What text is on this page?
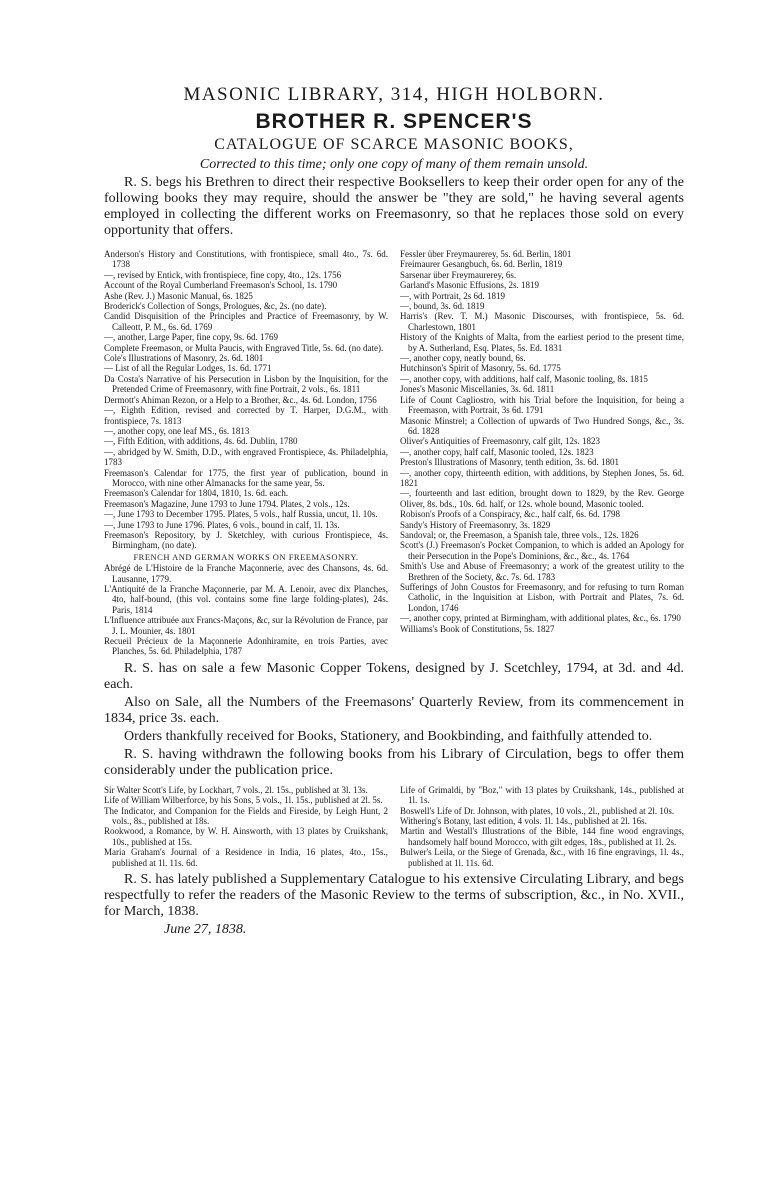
MASONIC LIBRARY, 314, HIGH HOLBORN.
BROTHER R. SPENCER'S
CATALOGUE OF SCARCE MASONIC BOOKS,
Corrected to this time; only one copy of many of them remain unsold.

R. S. begs his Brethren to direct their respective Booksellers to keep their order open for any of the following books they may require, should the answer be "they are sold," he having several agents employed in collecting the different works on Freemasonry, so that he replaces those sold on every opportunity that offers.

Anderson's History and Constitutions, with frontispiece, small 4to., 7s. 6d. 1738

—, revised by Entick, with frontispiece, fine copy, 4to., 12s. 1756

Account of the Royal Cumberland Freemason's School, 1s. 1790

Ashe (Rev. J.) Masonic Manual, 6s. 1825

Broderick's Collection of Songs, Prologues, &c, 2s. (no date).

Candid Disquisition of the Principles and Practice of Freemasonry, by W. Calleott, P. M., 6s. 6d. 1769

—, another, Large Paper, fine copy, 9s. 6d. 1769

Complete Freemason, or Multa Paucis, with Engraved Title, 5s. 6d. (no date).

Cole's Illustrations of Masonry, 2s. 6d. 1801

— List of all the Regular Lodges, 1s. 6d. 1771

Da Costa's Narrative of his Persecution in Lisbon by the Inquisition, for the Pretended Crime of Freemasonry, with fine Portrait, 2 vols., 6s. 1811

Dermott's Ahiman Rezon, or a Help to a Brother, &c., 4s. 6d. London, 1756

—, Eighth Edition, revised and corrected by T. Harper, D.G.M., with frontispiece, 7s. 1813

—, another copy, one leaf MS., 6s. 1813

—, Fifth Edition, with additions, 4s. 6d. Dublin, 1780

—, abridged by W. Smith, D.D., with engraved Frontispiece, 4s. Philadelphia, 1783

Freemason's Calendar for 1775, the first year of publication, bound in Morocco, with nine other Almanacks for the same year, 5s.

Freemason's Calendar for 1804, 1810, 1s. 6d. each.

Freemason's Magazine, June 1793 to June 1794. Plates, 2 vols., 12s.

—, June 1793 to December 1795. Plates, 5 vols., half Russia, uncut, 1l. 10s.

—, June 1793 to June 1796. Plates, 6 vols., bound in calf, 1l. 13s.

Freemason's Repository, by J. Sketchley, with curious Frontispiece, 4s. Birmingham, (no date).

FRENCH AND GERMAN WORKS ON FREEMASONRY.

Abrégé de L'Histoire de la Franche Maçonnerie, avec des Chansons, 4s. 6d. Lausanne, 1779.

L'Antiquité de la Franche Maçonnerie, par M. A. Lenoir, avec dix Planches, 4to, half-bound, (this vol. contains some fine large folding-plates), 24s. Paris, 1814

L'Influence attribuée aux Francs-Maçons, &c, sur la Révolution de France, par J. L. Mounier, 4s. 1801

Recueil Précieux de la Maçonnerie Adonhiramite, en trois Parties, avec Planches, 5s. 6d. Philadelphia, 1787

Fessler über Freymaurerey, 5s. 6d. Berlin, 1801

Freimaurer Gesangbuch, 6s. 6d. Berlin, 1819

Sarsenar über Freymaurerey, 6s.

Garland's Masonic Effusions, 2s. 1819

—, with Portrait, 2s 6d. 1819

—, bound, 3s. 6d. 1819

Harris's (Rev. T. M.) Masonic Discourses, with frontispiece, 5s. 6d. Charlestown, 1801

History of the Knights of Malta, from the earliest period to the present time, by A. Sutherland, Esq. Plates, 5s. Ed. 1831

—, another copy, neatly bound, 6s.

Hutchinson's Spirit of Masonry, 5s. 6d. 1775

—, another copy, with additions, half calf, Masonic tooling, 8s. 1815

Jones's Masonic Miscellanies, 3s. 6d. 1811

Life of Count Cagliostro, with his Trial before the Inquisition, for being a Freemason, with Portrait, 3s 6d. 1791

Masonic Minstrel; a Collection of upwards of Two Hundred Songs, &c., 3s. 6d. 1828

Oliver's Antiquities of Freemasonry, calf gilt, 12s. 1823

—, another copy, half calf, Masonic tooled, 12s. 1823

Preston's Illustrations of Masonry, tenth edition, 3s. 6d. 1801

—, another copy, thirteenth edition, with additions, by Stephen Jones, 5s. 6d. 1821

—, fourteenth and last edition, brought down to 1829, by the Rev. George Oliver, 8s. bds., 10s. 6d. half, or 12s. whole bound, Masonic tooled.

Robison's Proofs of a Conspiracy, &c., half calf, 6s. 6d. 1798

Sandy's History of Freemasonry, 3s. 1829

Sandoval; or, the Freemason, a Spanish tale, three vols., 12s. 1826

Scott's (J.) Freemason's Pocket Companion, to which is added an Apology for their Persecution in the Pope's Dominions, &c., &c., 4s. 1764

Smith's Use and Abuse of Freemasonry; a work of the greatest utility to the Brethren of the Society, &c. 7s. 6d. 1783

Sufferings of John Coustos for Freemasonry, and for refusing to turn Roman Catholic, in the Inquisition at Lisbon, with Portrait and Plates, 7s. 6d. London, 1746

—, another copy, printed at Birmingham, with additional plates, &c., 6s. 1790

Williams's Book of Constitutions, 5s. 1827

R. S. has on sale a few Masonic Copper Tokens, designed by J. Scetchley, 1794, at 3d. and 4d. each.

Also on Sale, all the Numbers of the Freemasons' Quarterly Review, from its commencement in 1834, price 3s. each.

Orders thankfully received for Books, Stationery, and Bookbinding, and faithfully attended to.

R. S. having withdrawn the following books from his Library of Circulation, begs to offer them considerably under the publication price.

Sir Walter Scott's Life, by Lockhart, 7 vols., 2l. 15s., published at 3l. 13s.

Life of William Wilberforce, by his Sons, 5 vols., 1l. 15s., published at 2l. 5s.

The Indicator, and Companion for the Fields and Fireside, by Leigh Hunt, 2 vols., 8s., published at 18s.

Rookwood, a Romance, by W. H. Ainsworth, with 13 plates by Cruikshank, 10s., published at 15s.

Maria Graham's Journal of a Residence in India, 16 plates, 4to., 15s., published at 1l. 11s. 6d.

Life of Grimaldi, by "Boz," with 13 plates by Cruikshank, 14s., published at 1l. 1s.

Boswell's Life of Dr. Johnson, with plates, 10 vols., 2l., published at 2l. 10s.

Withering's Botany, last edition, 4 vols. 1l. 14s., published at 2l. 16s.

Martin and Westall's Illustrations of the Bible, 144 fine wood engravings, handsomely half bound Morocco, with gilt edges, 18s., published at 1l. 2s.

Bulwer's Leila, or the Siege of Grenada, &c., with 16 fine engravings, 1l. 4s., published at 1l. 11s. 6d.

R. S. has lately published a Supplementary Catalogue to his extensive Circulating Library, and begs respectfully to refer the readers of the Masonic Review to the terms of subscription, &c., in No. XVII., for March, 1838.

June 27, 1838.
